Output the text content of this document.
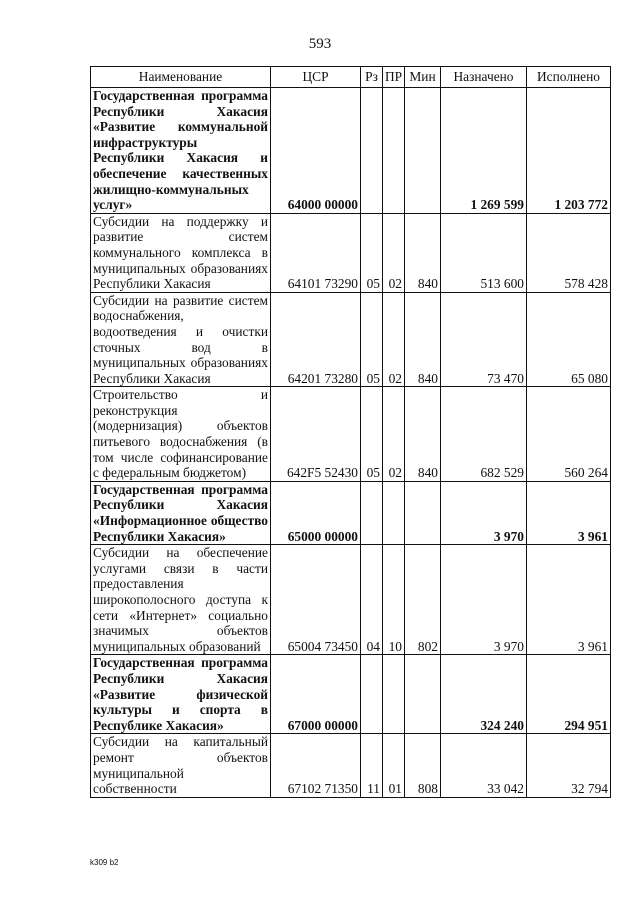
593
Наименование	ЦСР	Рз	ПР	Мин	Назначено	Исполнено
Государственная программа Республики Хакасия «Развитие коммунальной инфраструктуры Республики Хакасия и обеспечение качественных жилищно-коммунальных услуг»	64000 00000				1 269 599	1 203 772
Субсидии на поддержку и развитие систем коммунального комплекса в муниципальных образованиях Республики Хакасия	64101 73290	05	02	840	513 600	578 428
Субсидии на развитие систем водоснабжения, водоотведения и очистки сточных вод в муниципальных образованиях Республики Хакасия	64201 73280	05	02	840	73 470	65 080
Строительство и реконструкция (модернизация) объектов питьевого водоснабжения (в том числе софинансирование с федеральным бюджетом)	642F5 52430	05	02	840	682 529	560 264
Государственная программа Республики Хакасия «Информационное общество Республики Хакасия»	65000 00000				3 970	3 961
Субсидии на обеспечение услугами связи в части предоставления широкополосного доступа к сети «Интернет» социально значимых объектов муниципальных образований	65004 73450	04	10	802	3 970	3 961
Государственная программа Республики Хакасия «Развитие физической культуры и спорта в Республике Хакасия»	67000 00000				324 240	294 951
Субсидии на капитальный ремонт объектов муниципальной собственности	67102 71350	11	01	808	33 042	32 794
k309 b2
